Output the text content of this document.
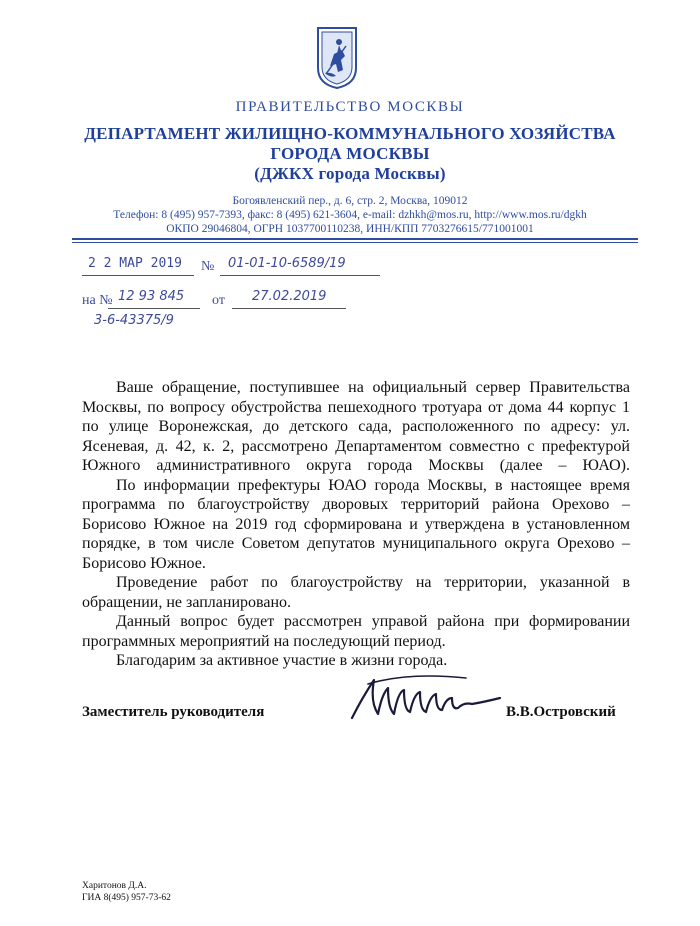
ПРАВИТЕЛЬСТВО МОСКВЫ
ДЕПАРТАМЕНТ ЖИЛИЩНО-КОММУНАЛЬНОГО ХОЗЯЙСТВА
ГОРОДА МОСКВЫ
(ДЖКХ города Москвы)
Богоявленский пер., д. 6, стр. 2, Москва, 109012
Телефон: 8 (495) 957-7393, факс: 8 (495) 621-3604, e-mail: dzhkh@mos.ru, http://www.mos.ru/dgkh
ОКПО 29046804, ОГРН 1037700110238, ИНН/КПП 7703276615/771001001
2 2 МАР 2019 № 01-01-10-6589/19
на № 12 93 845
3-6-43375/9
от 27.02.2019

Ваше обращение, поступившее на официальный сервер Правительства Москвы, по вопросу обустройства пешеходного тротуара от дома 44 корпус 1 по улице Воронежская, до детского сада, расположенного по адресу: ул. Ясеневая, д. 42, к. 2, рассмотрено Департаментом совместно с префектурой Южного административного округа города Москвы (далее – ЮАО).

По информации префектуры ЮАО города Москвы, в настоящее время программа по благоустройству дворовых территорий района Орехово – Борисово Южное на 2019 год сформирована и утверждена в установленном порядке, в том числе Советом депутатов муниципального округа Орехово – Борисово Южное.

Проведение работ по благоустройству на территории, указанной в обращении, не запланировано.

Данный вопрос будет рассмотрен управой района при формировании программных мероприятий на последующий период.

Благодарим за активное участие в жизни города.

Заместитель руководителя	В.В.Островский
Харитонов Д.А.
ГИА 8(495) 957-73-62
